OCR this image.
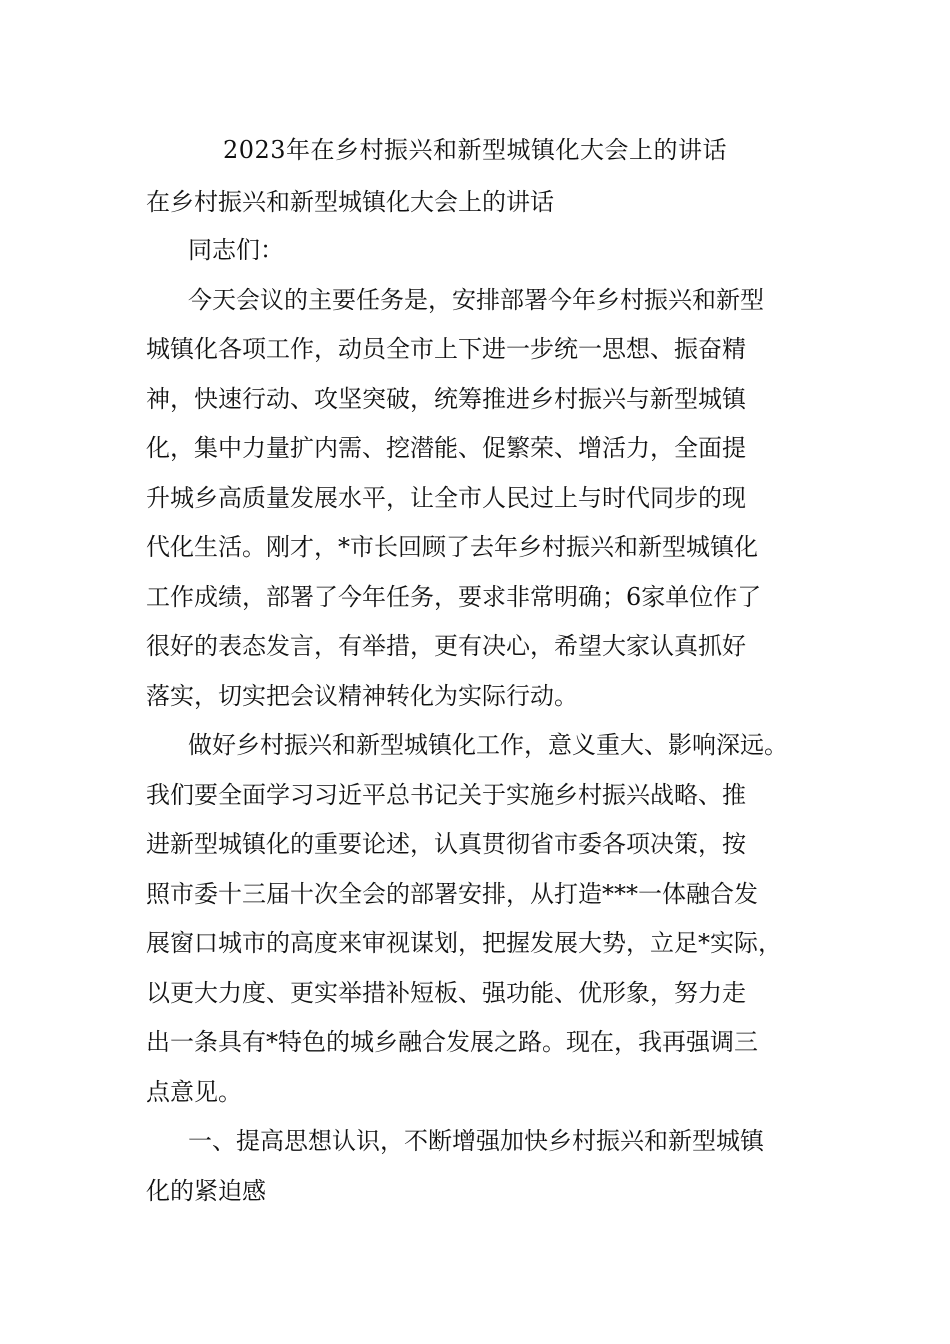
2023年在乡村振兴和新型城镇化大会上的讲话
在乡村振兴和新型城镇化大会上的讲话

同志们：

今天会议的主要任务是，安排部署今年乡村振兴和新型
城镇化各项工作，动员全市上下进一步统一思想、振奋精
神，快速行动、攻坚突破，统筹推进乡村振兴与新型城镇
化，集中力量扩内需、挖潜能、促繁荣、增活力，全面提
升城乡高质量发展水平，让全市人民过上与时代同步的现
代化生活。刚才，*市长回顾了去年乡村振兴和新型城镇化
工作成绩，部署了今年任务，要求非常明确；6家单位作了
很好的表态发言，有举措，更有决心，希望大家认真抓好
落实，切实把会议精神转化为实际行动。

做好乡村振兴和新型城镇化工作，意义重大、影响深远。
我们要全面学习习近平总书记关于实施乡村振兴战略、推
进新型城镇化的重要论述，认真贯彻省市委各项决策，按
照市委十三届十次全会的部署安排，从打造***一体融合发
展窗口城市的高度来审视谋划，把握发展大势，立足*实际，
以更大力度、更实举措补短板、强功能、优形象，努力走
出一条具有*特色的城乡融合发展之路。现在，我再强调三
点意见。

一、提高思想认识，不断增强加快乡村振兴和新型城镇
化的紧迫感
